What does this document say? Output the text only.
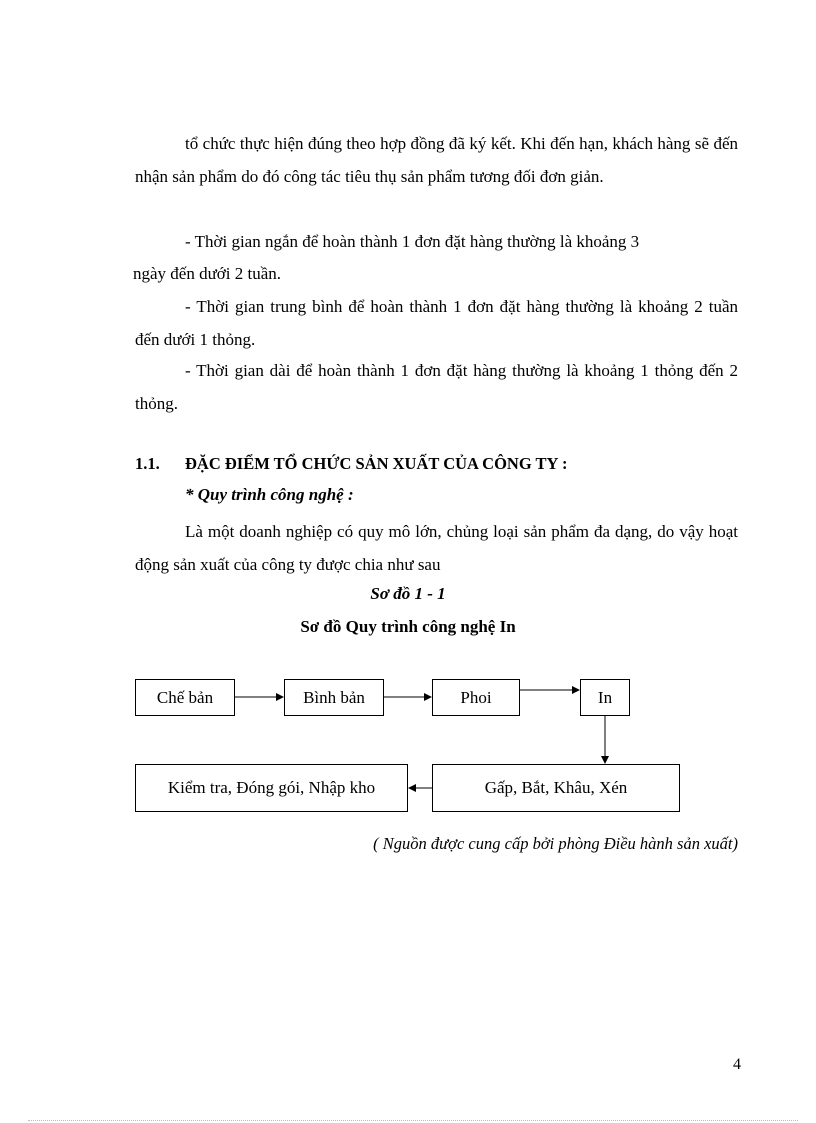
tổ chức thực hiện đúng theo hợp đồng đã ký kết. Khi đến hạn, khách hàng sẽ đến nhận sản phẩm do đó công tác tiêu thụ sản phẩm tương đối đơn giản.

- Thời gian ngắn để hoàn thành 1 đơn đặt hàng thường là khoảng 3

ngày đến dưới 2 tuần.

- Thời gian trung bình để hoàn thành 1 đơn đặt hàng thường là khoảng 2 tuần đến dưới 1 thỏng.

- Thời gian dài để hoàn thành 1 đơn đặt hàng thường là khoảng 1 thỏng đến 2 thỏng.

1.1. ĐẶC ĐIỂM TỔ CHỨC SẢN XUẤT CỦA CÔNG TY :

* Quy trình công nghệ :

Là một doanh nghiệp có quy mô lớn, chủng loại sản phẩm đa dạng, do vậy hoạt động sản xuất của công ty được chia như sau

Sơ đồ 1 - 1

Sơ đồ Quy trình công nghệ In

Chế bản	Bình bản	Phoi	In
Gấp, Bắt, Khâu, Xén
Kiểm tra, Đóng gói, Nhập kho

( Nguồn được cung cấp bởi phòng Điều hành sản xuất)

4
